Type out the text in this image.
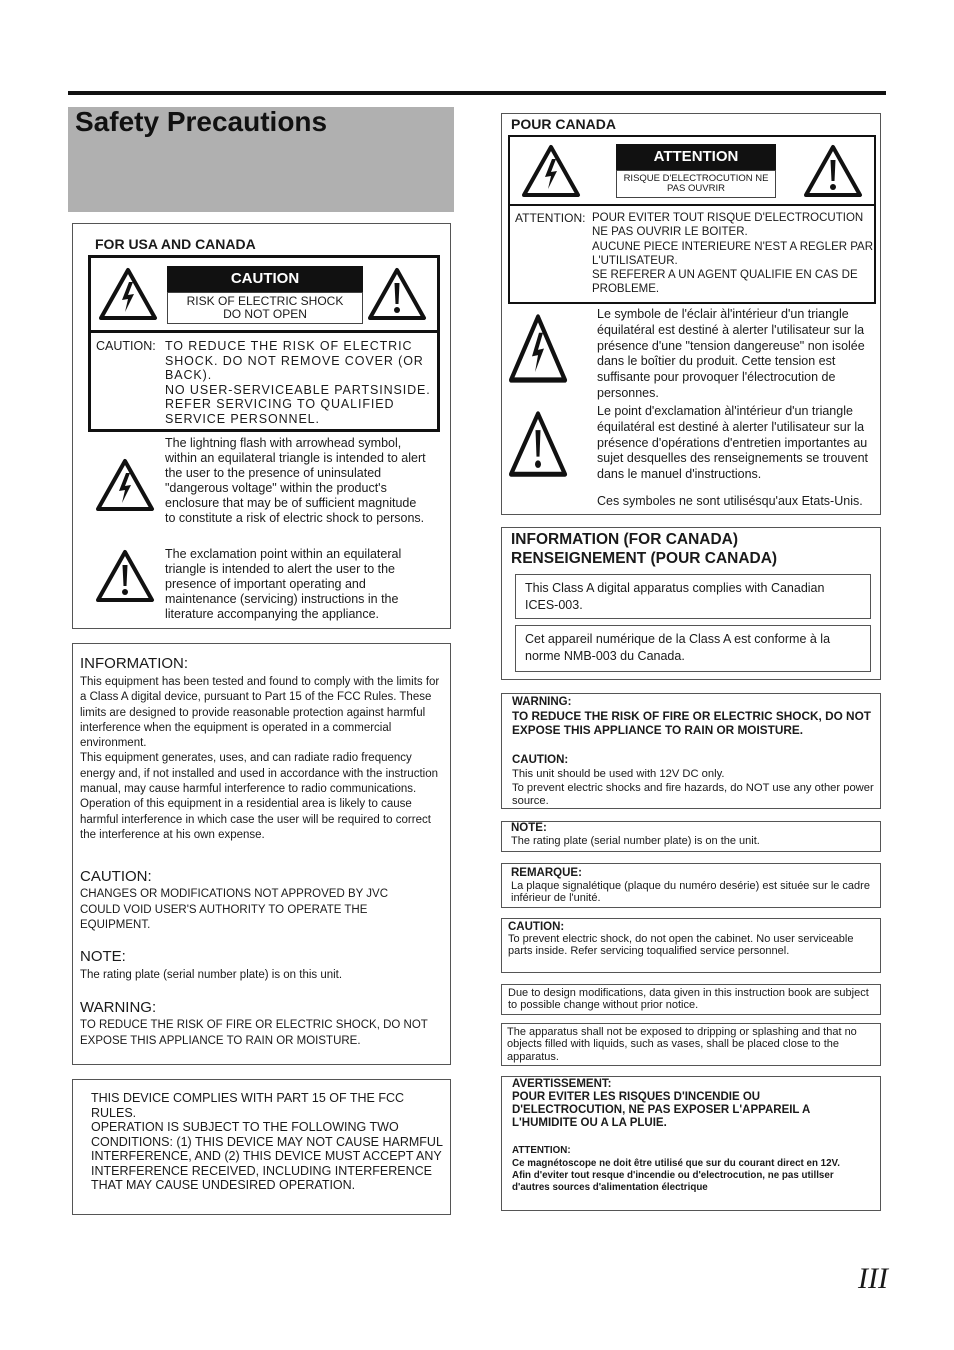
Safety Precautions
FOR USA AND CANADA
CAUTION
RISK OF ELECTRIC SHOCK
DO NOT OPEN
CAUTION: TO REDUCE THE RISK OF ELECTRIC SHOCK. DO NOT REMOVE COVER (OR BACK).
NO USER-SERVICEABLE PARTSINSIDE.
REFER SERVICING TO QUALIFIED SERVICE PERSONNEL.
The lightning flash with arrowhead symbol, within an equilateral triangle is intended to alert the user to the presence of uninsulated "dangerous voltage" within the product's enclosure that may be of sufficient magnitude to constitute a risk of electric shock to persons.
The exclamation point within an equilateral triangle is intended to alert the user to the presence of important operating and maintenance (servicing) instructions in the literature accompanying the appliance.
INFORMATION:
This equipment has been tested and found to comply with the limits for a Class A digital device, pursuant to Part 15 of the FCC Rules. These limits are designed to provide reasonable protection against harmful interference when the equipment is operated in a commercial environment.
This equipment generates, uses, and can radiate radio frequency energy and, if not installed and used in accordance with the instruction manual, may cause harmful interference to radio communications.
Operation of this equipment in a residential area is likely to cause harmful interference in which case the user will be required to correct the interference at his own expense.
CAUTION:
CHANGES OR MODIFICATIONS NOT APPROVED BY JVC COULD VOID USER'S AUTHORITY TO OPERATE THE EQUIPMENT.
NOTE:
The rating plate (serial number plate) is on this unit.
WARNING:
TO REDUCE THE RISK OF FIRE OR ELECTRIC SHOCK, DO NOT EXPOSE THIS APPLIANCE TO RAIN OR MOISTURE.
THIS DEVICE COMPLIES WITH PART 15 OF THE FCC RULES.
OPERATION IS SUBJECT TO THE FOLLOWING TWO CONDITIONS: (1) THIS DEVICE MAY NOT CAUSE HARMFUL INTERFERENCE, AND (2) THIS DEVICE MUST ACCEPT ANY INTERFERENCE RECEIVED, INCLUDING INTERFERENCE THAT MAY CAUSE UNDESIRED OPERATION.
POUR CANADA
ATTENTION
RISQUE D'ELECTROCUTION NE
PAS OUVRIR
ATTENTION: POUR EVITER TOUT RISQUE D'ELECTROCUTION NE PAS OUVRIR LE BOITER.
AUCUNE PIECE INTERIEURE N'EST A REGLER PAR L'UTILISATEUR.
SE REFERER A UN AGENT QUALIFIE EN CAS DE PROBLEME.
Le symbole de l'éclair àl'intérieur d'un triangle équilatéral est destiné à alerter l'utilisateur sur la présence d'une "tension dangereuse" non isolée dans le boîtier du produit. Cette tension est suffisante pour provoquer l'électrocution de personnes.
Le point d'exclamation àl'intérieur d'un triangle équilatéral est destiné à alerter l'utilisateur sur la présence d'opérations d'entretien importantes au sujet desquelles des renseignements se trouvent dans le manuel d'instructions.
Ces symboles ne sont utilisésqu'aux Etats-Unis.
INFORMATION (FOR CANADA)
RENSEIGNEMENT (POUR CANADA)
This Class A digital apparatus complies with Canadian ICES-003.
Cet appareil numérique de la Class A est conforme à la norme NMB-003 du Canada.
WARNING:
TO REDUCE THE RISK OF FIRE OR ELECTRIC SHOCK, DO NOT EXPOSE THIS APPLIANCE TO RAIN OR MOISTURE.
CAUTION:
This unit should be used with 12V DC only.
To prevent electric shocks and fire hazards, do NOT use any other power source.
NOTE:
The rating plate (serial number plate) is on the unit.
REMARQUE:
La plaque signalétique (plaque du numéro desérie) est située sur le cadre inférieur de l'unité.
CAUTION:
To prevent electric shock, do not open the cabinet. No user serviceable parts inside. Refer servicing toqualified service personnel.
Due to design modifications, data given in this instruction book are subject to possible change without prior notice.
The apparatus shall not be exposed to dripping or splashing and that no objects filled with liquids, such as vases, shall be placed close to the apparatus.
AVERTISSEMENT:
POUR EVITER LES RISQUES D'INCENDIE OU D'ELECTROCUTION, NE PAS EXPOSER L'APPAREIL A L'HUMIDITE OU A LA PLUIE.
ATTENTION:
Ce magnétoscope ne doit être utilisé que sur du courant direct en 12V.
Afin d'eviter tout resque d'incendie ou d'electrocution, ne pas utillser d'autres sources d'alimentation électrique
III
